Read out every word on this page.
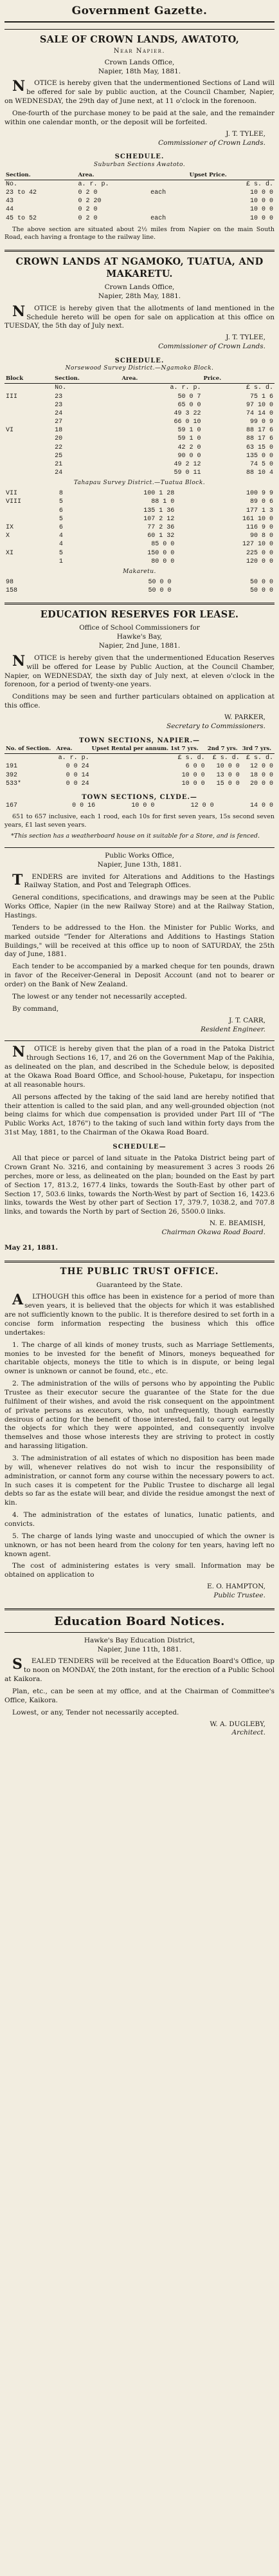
Government Gazette.
SALE OF CROWN LANDS, AWATOTO,
Near Napier.
Crown Lands Office,
Napier, 18th May, 1881.

NOTICE is hereby given that the undermentioned Sections of Land will be offered for sale by public auction, at the Council Chamber, Napier, on WEDNESDAY, the 29th day of June next, at 11 o'clock in the forenoon.

One-fourth of the purchase money to be paid at the sale, and the remainder within one calendar month, or the deposit will be forfeited.

J. T. TYLEE,
Commissioner of Crown Lands.
SCHEDULE.
Suburban Sections Awatoto.
Section.	Area.		Upset Price.
No.	a. r. p.		£ s. d.
23 to 42	0 2 0	each	10 0 0
43	0 2 20		10 0 0
44	0 2 0		10 0 0
45 to 52	0 2 0	each	10 0 0

The above section are situated about 2½ miles from Napier on the main South Road, each having a frontage to the railway line.

CROWN LANDS AT NGAMOKO, TUATUA, AND MAKARETU.
Crown Lands Office,
Napier, 28th May, 1881.

NOTICE is hereby given that the allotments of land mentioned in the Schedule hereto will be open for sale on application at this office on TUESDAY, the 5th day of July next.

J. T. TYLEE,
Commissioner of Crown Lands.
SCHEDULE.
Norsewood Survey District.—Ngamoko Block.
Block	Section.	Area.	Price.
	No.	a. r. p.	£ s. d.
III	23	50 0 7	75 1 6
	23	65 0 0	97 10 0
	24	49 3 22	74 14 0
	27	66 0 10	99 0 9
VI	18	59 1 0	88 17 6
	20	59 1 0	88 17 6
	22	42 2 0	63 15 0
	25	90 0 0	135 0 0
	21	49 2 12	74 5 0
	24	59 0 11	88 10 4
Tahapau Survey District.—Tuatua Block.
VII	8	100 1 28	100 9 9
VIII	5	88 1 0	89 0 6
	6	135 1 36	177 1 3
	5	107 2 12	161 10 0
IX	6	77 2 36	116 9 0
X	4	60 1 32	90 8 0
	4	85 0 0	127 10 0
XI	5	150 0 0	225 0 0
	1	80 0 0	120 0 0
Makaretu.
98		50 0 0	50 0 0
158		50 0 0	50 0 0
EDUCATION RESERVES FOR LEASE.
Office of School Commissioners for
Hawke's Bay,
Napier, 2nd June, 1881.

NOTICE is hereby given that the undermentioned Education Reserves will be offered for Lease by Public Auction, at the Council Chamber, Napier, on WEDNESDAY, the sixth day of July next, at eleven o'clock in the forenoon, for a period of twenty-one years.

Conditions may be seen and further particulars obtained on application at this office.

W. PARKER,
Secretary to Commissioners.
TOWN SECTIONS, NAPIER.—
No. of Section.	Area.	Upset Rental per annum. 1st 7 yrs.	2nd 7 yrs.	3rd 7 yrs.
	a. r. p.	£ s. d.	£ s. d.	£ s. d.
191	0 0 24	6 0 0	10 0 0	12 0 0
392	0 0 14	10 0 0	13 0 0	18 0 0
533*	0 0 24	10 0 0	15 0 0	20 0 0
TOWN SECTIONS, CLYDE.—
167	0 0 16	10 0 0	12 0 0	14 0 0

651 to 657 inclusive, each 1 rood, each 10s for first seven years, 15s second seven years, £1 last seven years.

*This section has a weatherboard house on it suitable for a Store, and is fenced.

Public Works Office,
Napier, June 13th, 1881.

TENDERS are invited for Alterations and Additions to the Hastings Railway Station, and Post and Telegraph Offices.

General conditions, specifications, and drawings may be seen at the Public Works Office, Napier (in the new Railway Store) and at the Railway Station, Hastings.

Tenders to be addressed to the Hon. the Minister for Public Works, and marked outside "Tender for Alterations and Additions to Hastings Station Buildings," will be received at this office up to noon of SATURDAY, the 25th day of June, 1881.

Each tender to be accompanied by a marked cheque for ten pounds, drawn in favor of the Receiver-General in Deposit Account (and not to bearer or order) on the Bank of New Zealand.

The lowest or any tender not necessarily accepted.

By command,

J. T. CARR,
Resident Engineer.

NOTICE is hereby given that the plan of a road in the Patoka District through Sections 16, 17, and 26 on the Government Map of the Pakihia, as delineated on the plan, and described in the Schedule below, is deposited at the Okawa Road Board Office, and School-house, Puketapu, for inspection at all reasonable hours.

All persons affected by the taking of the said land are hereby notified that their attention is called to the said plan, and any well-grounded objection (not being claims for which due compensation is provided under Part III of "The Public Works Act, 1876") to the taking of such land within forty days from the 31st May, 1881, to the Chairman of the Okawa Road Board.

SCHEDULE—

All that piece or parcel of land situate in the Patoka District being part of Crown Grant No. 3216, and containing by measurement 3 acres 3 roods 26 perches, more or less, as delineated on the plan; bounded on the East by part of Section 17, 813.2, 1677.4 links, towards the South-East by other part of Section 17, 503.6 links, towards the North-West by part of Section 16, 1423.6 links, towards the West by other part of Section 17, 379.7, 1038.2, and 707.8 links, and towards the North by part of Section 26, 5500.0 links.

N. E. BEAMISH,
Chairman Okawa Road Board.
May 21, 1881.
THE PUBLIC TRUST OFFICE.
Guaranteed by the State.

ALTHOUGH this office has been in existence for a period of more than seven years, it is believed that the objects for which it was established are not sufficiently known to the public. It is therefore desired to set forth in a concise form information respecting the business which this office undertakes:

1. The charge of all kinds of money trusts, such as Marriage Settlements, monies to be invested for the benefit of Minors, moneys bequeathed for charitable objects, moneys the title to which is in dispute, or being legal owner is unknown or cannot be found, etc., etc.

2. The administration of the wills of persons who by appointing the Public Trustee as their executor secure the guarantee of the State for the due fulfilment of their wishes, and avoid the risk consequent on the appointment of private persons as executors, who, not unfrequently, though earnestly desirous of acting for the benefit of those interested, fail to carry out legally the objects for which they were appointed, and consequently involve themselves and those whose interests they are striving to protect in costly and harassing litigation.

3. The administration of all estates of which no disposition has been made by will, whenever relatives do not wish to incur the responsibility of administration, or cannot form any course within the necessary powers to act. In such cases it is competent for the Public Trustee to discharge all legal debts so far as the estate will bear, and divide the residue amongst the next of kin.

4. The administration of the estates of lunatics, lunatic patients, and convicts.

5. The charge of lands lying waste and unoccupied of which the owner is unknown, or has not been heard from the colony for ten years, having left no known agent.

The cost of administering estates is very small. Information may be obtained on application to

E. O. HAMPTON,
Public Trustee.
Education Board Notices.
Hawke's Bay Education District,
Napier, June 11th, 1881.

SEALED TENDERS will be received at the Education Board's Office, up to noon on MONDAY, the 20th instant, for the erection of a Public School at Kaikora.

Plan, etc., can be seen at my office, and at the Chairman of Committee's Office, Kaikora.

Lowest, or any, Tender not necessarily accepted.

W. A. DUGLEBY,
Architect.
